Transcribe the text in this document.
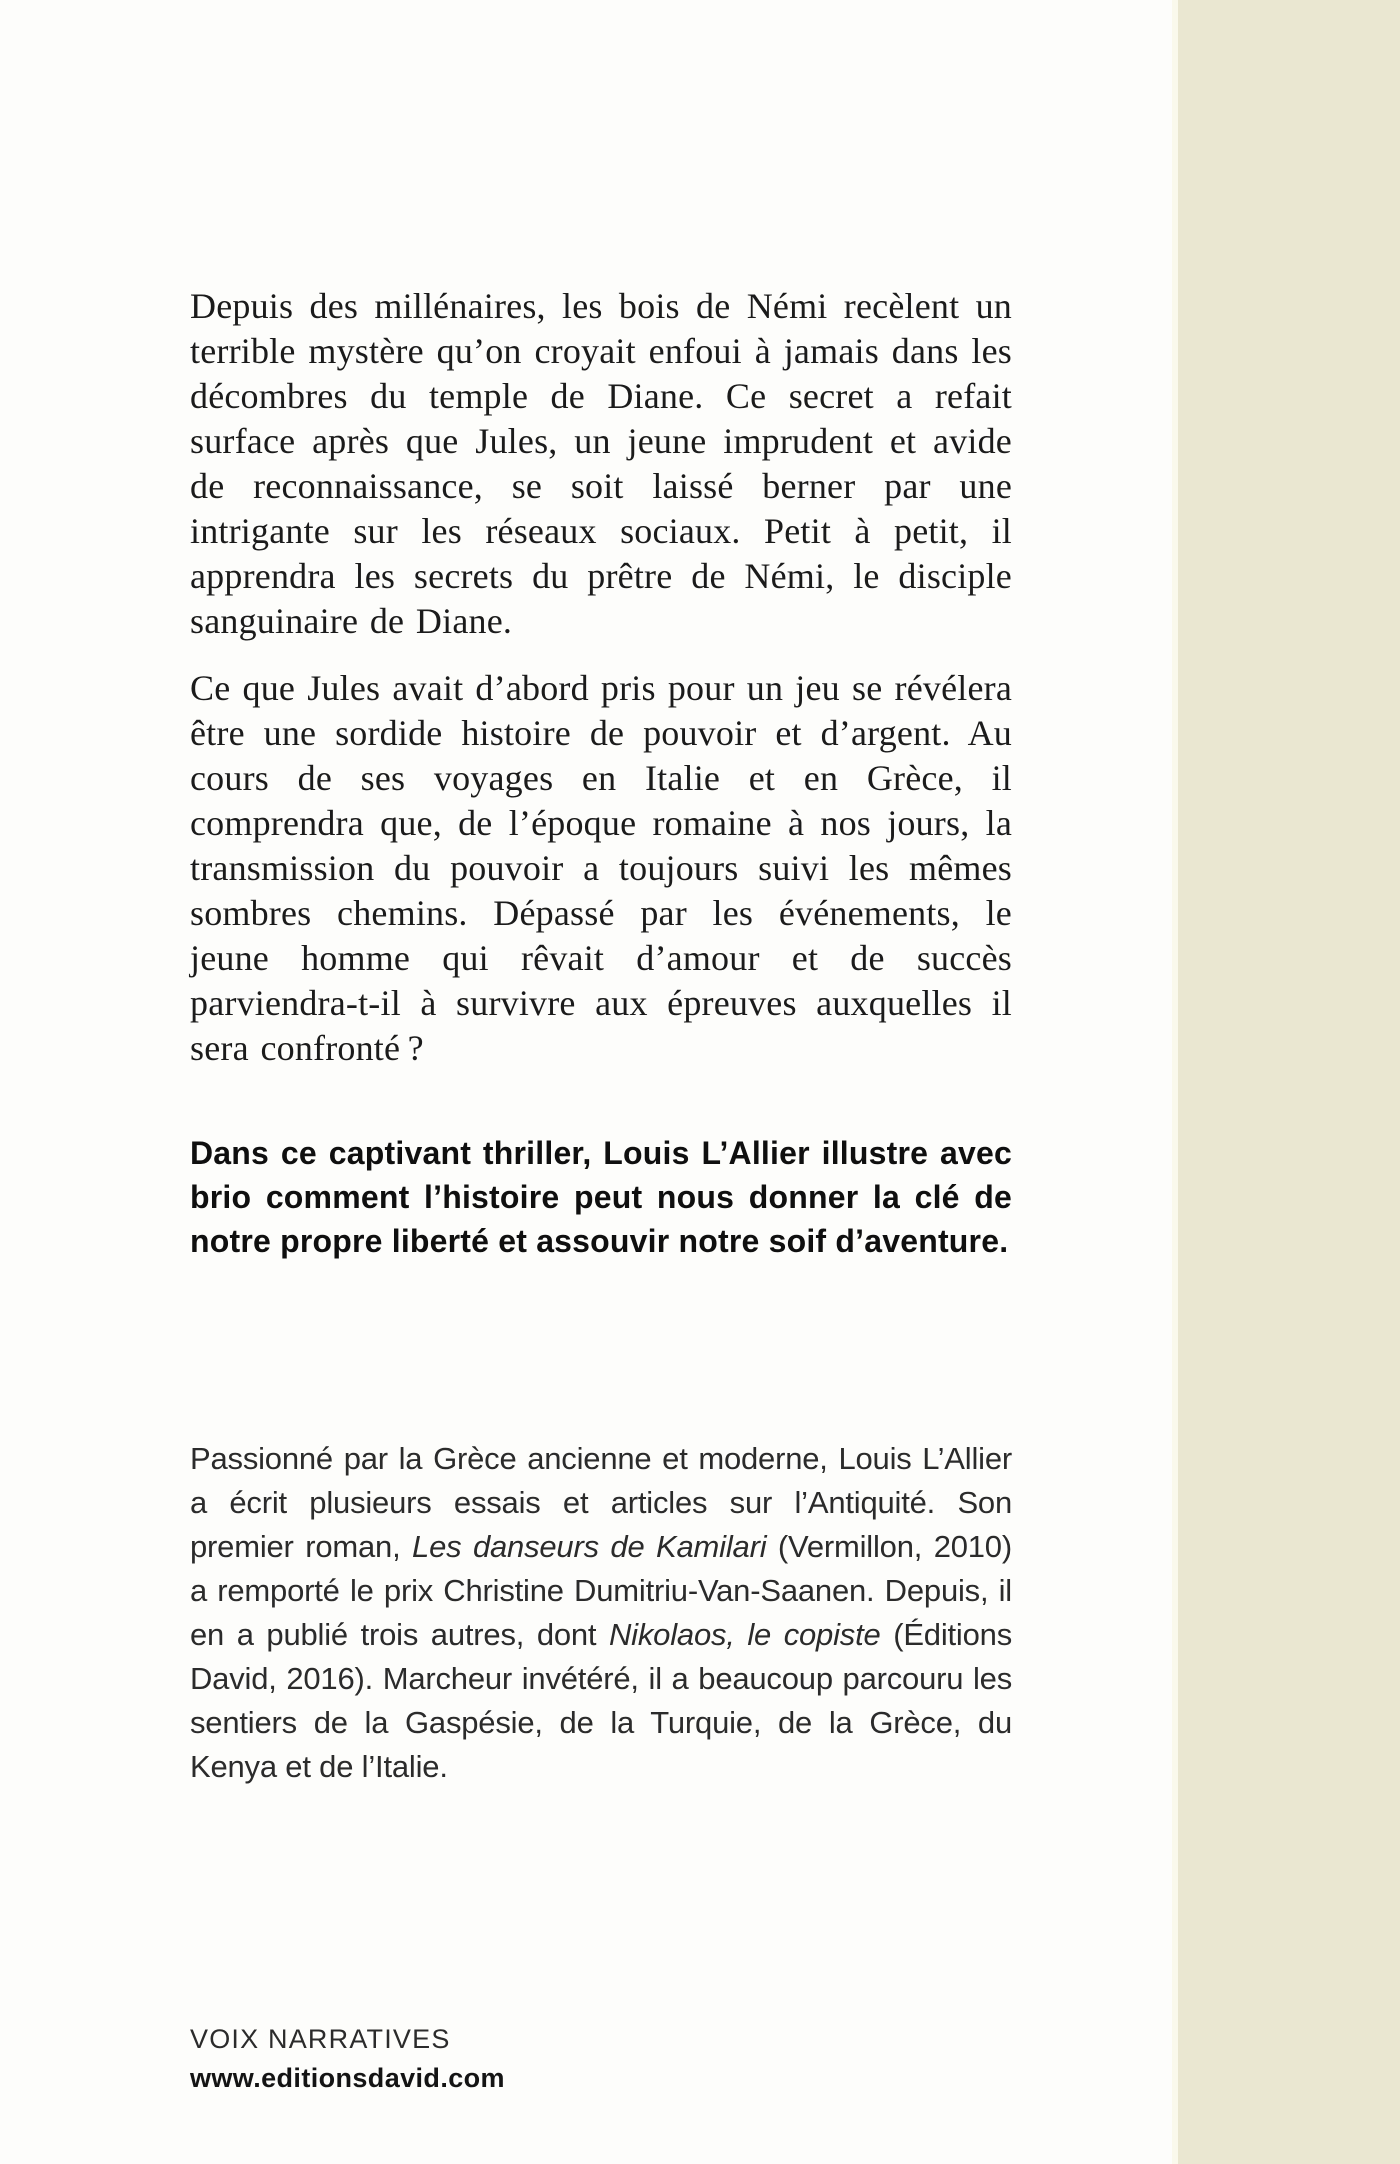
Depuis des millénaires, les bois de Némi recèlent un terrible mystère qu’on croyait enfoui à jamais dans les décombres du temple de Diane. Ce secret a refait surface après que Jules, un jeune imprudent et avide de reconnaissance, se soit laissé berner par une intrigante sur les réseaux sociaux. Petit à petit, il apprendra les secrets du prêtre de Némi, le disciple sanguinaire de Diane.

Ce que Jules avait d’abord pris pour un jeu se révélera être une sordide histoire de pouvoir et d’argent. Au cours de ses voyages en Italie et en Grèce, il comprendra que, de l’époque romaine à nos jours, la transmission du pouvoir a toujours suivi les mêmes sombres chemins. Dépassé par les événements, le jeune homme qui rêvait d’amour et de succès parviendra-t-il à survivre aux épreuves auxquelles il sera confronté ?

Dans ce captivant thriller, Louis L’Allier illustre avec brio comment l’histoire peut nous donner la clé de notre propre liberté et assouvir notre soif d’aventure.

Passionné par la Grèce ancienne et moderne, Louis L’Allier a écrit plusieurs essais et articles sur l’Antiquité. Son premier roman, Les danseurs de Kamilari (Vermillon, 2010) a remporté le prix Christine Dumitriu-Van-Saanen. Depuis, il en a publié trois autres, dont Nikolaos, le copiste (Éditions David, 2016). Marcheur invétéré, il a beaucoup parcouru les sentiers de la Gaspésie, de la Turquie, de la Grèce, du Kenya et de l’Italie.

VOIX NARRATIVES
www.editionsdavid.com
